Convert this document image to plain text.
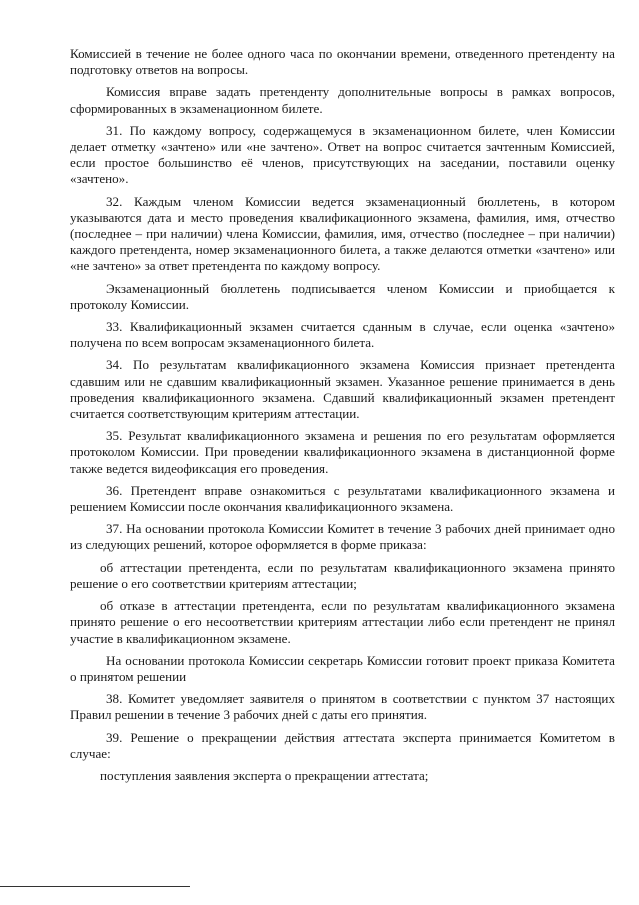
Комиссией в течение не более одного часа по окончании времени, отведенного претенденту на подготовку ответов на вопросы.

Комиссия вправе задать претенденту дополнительные вопросы в рамках вопросов, сформированных в экзаменационном билете.

31. По каждому вопросу, содержащемуся в экзаменационном билете, член Комиссии делает отметку «зачтено» или «не зачтено». Ответ на вопрос считается зачтенным Комиссией, если простое большинство её членов, присутствующих на заседании, поставили оценку «зачтено».

32. Каждым членом Комиссии ведется экзаменационный бюллетень, в котором указываются дата и место проведения квалификационного экзамена, фамилия, имя, отчество (последнее – при наличии) члена Комиссии, фамилия, имя, отчество (последнее – при наличии) каждого претендента, номер экзаменационного билета, а также делаются отметки «зачтено» или «не зачтено» за ответ претендента по каждому вопросу.

Экзаменационный бюллетень подписывается членом Комиссии и приобщается к протоколу Комиссии.

33. Квалификационный экзамен считается сданным в случае, если оценка «зачтено» получена по всем вопросам экзаменационного билета.

34. По результатам квалификационного экзамена Комиссия признает претендента сдавшим или не сдавшим квалификационный экзамен. Указанное решение принимается в день проведения квалификационного экзамена. Сдавший квалификационный экзамен претендент считается соответствующим критериям аттестации.

35. Результат квалификационного экзамена и решения по его результатам оформляется протоколом Комиссии. При проведении квалификационного экзамена в дистанционной форме также ведется видеофиксация его проведения.

36. Претендент вправе ознакомиться с результатами квалификационного экзамена и решением Комиссии после окончания квалификационного экзамена.

37. На основании протокола Комиссии Комитет в течение 3 рабочих дней принимает одно из следующих решений, которое оформляется в форме приказа:

об аттестации претендента, если по результатам квалификационного экзамена принято решение о его соответствии критериям аттестации;

об отказе в аттестации претендента, если по результатам квалификационного экзамена принято решение о его несоответствии критериям аттестации либо если претендент не принял участие в квалификационном экзамене.

На основании протокола Комиссии секретарь Комиссии готовит проект приказа Комитета о принятом решении

38. Комитет уведомляет заявителя о принятом в соответствии с пунктом 37 настоящих Правил решении в течение 3 рабочих дней с даты его принятия.

39. Решение о прекращении действия аттестата эксперта принимается Комитетом в случае:

поступления заявления эксперта о прекращении аттестата;
